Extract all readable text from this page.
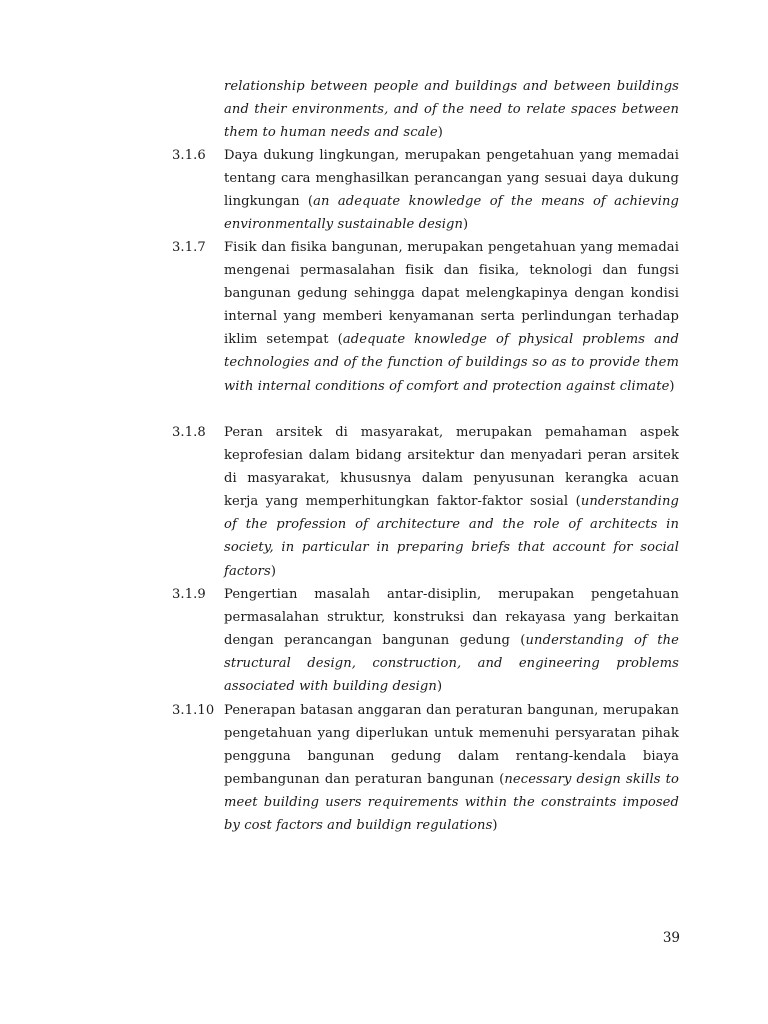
relationship between people and buildings and between buildings and their environments, and of the need to relate spaces between them to human needs and scale)
3.1.6	Daya dukung lingkungan, merupakan pengetahuan yang memadai tentang cara menghasilkan perancangan yang sesuai daya dukung lingkungan (an adequate knowledge of the means of achieving environmentally sustainable design)
3.1.7	Fisik dan fisika bangunan, merupakan pengetahuan yang memadai mengenai permasalahan fisik dan fisika, teknologi dan fungsi bangunan gedung sehingga dapat melengkapinya dengan kondisi internal yang memberi kenyamanan serta perlindungan terhadap iklim setempat (adequate knowledge of physical problems and technologies and of the function of buildings so as to provide them with internal conditions of comfort and protection against climate)
3.1.8	Peran arsitek di masyarakat, merupakan pemahaman aspek keprofesian dalam bidang arsitektur dan menyadari peran arsitek di masyarakat, khususnya dalam penyusunan kerangka acuan kerja yang memperhitungkan faktor-faktor sosial (understanding of the profession of architecture and the role of architects in society, in particular in preparing briefs that account for social factors)
3.1.9	Pengertian masalah antar-disiplin, merupakan pengetahuan permasalahan struktur, konstruksi dan rekayasa yang berkaitan dengan perancangan bangunan gedung (understanding of the structural design, construction, and engineering problems associated with building design)
3.1.10 Penerapan batasan anggaran dan peraturan bangunan, merupakan pengetahuan yang diperlukan untuk memenuhi persyaratan pihak pengguna bangunan gedung dalam rentang-kendala biaya pembangunan dan peraturan bangunan (necessary design skills to meet building users requirements within the constraints imposed by cost factors and buildign regulations)
39
